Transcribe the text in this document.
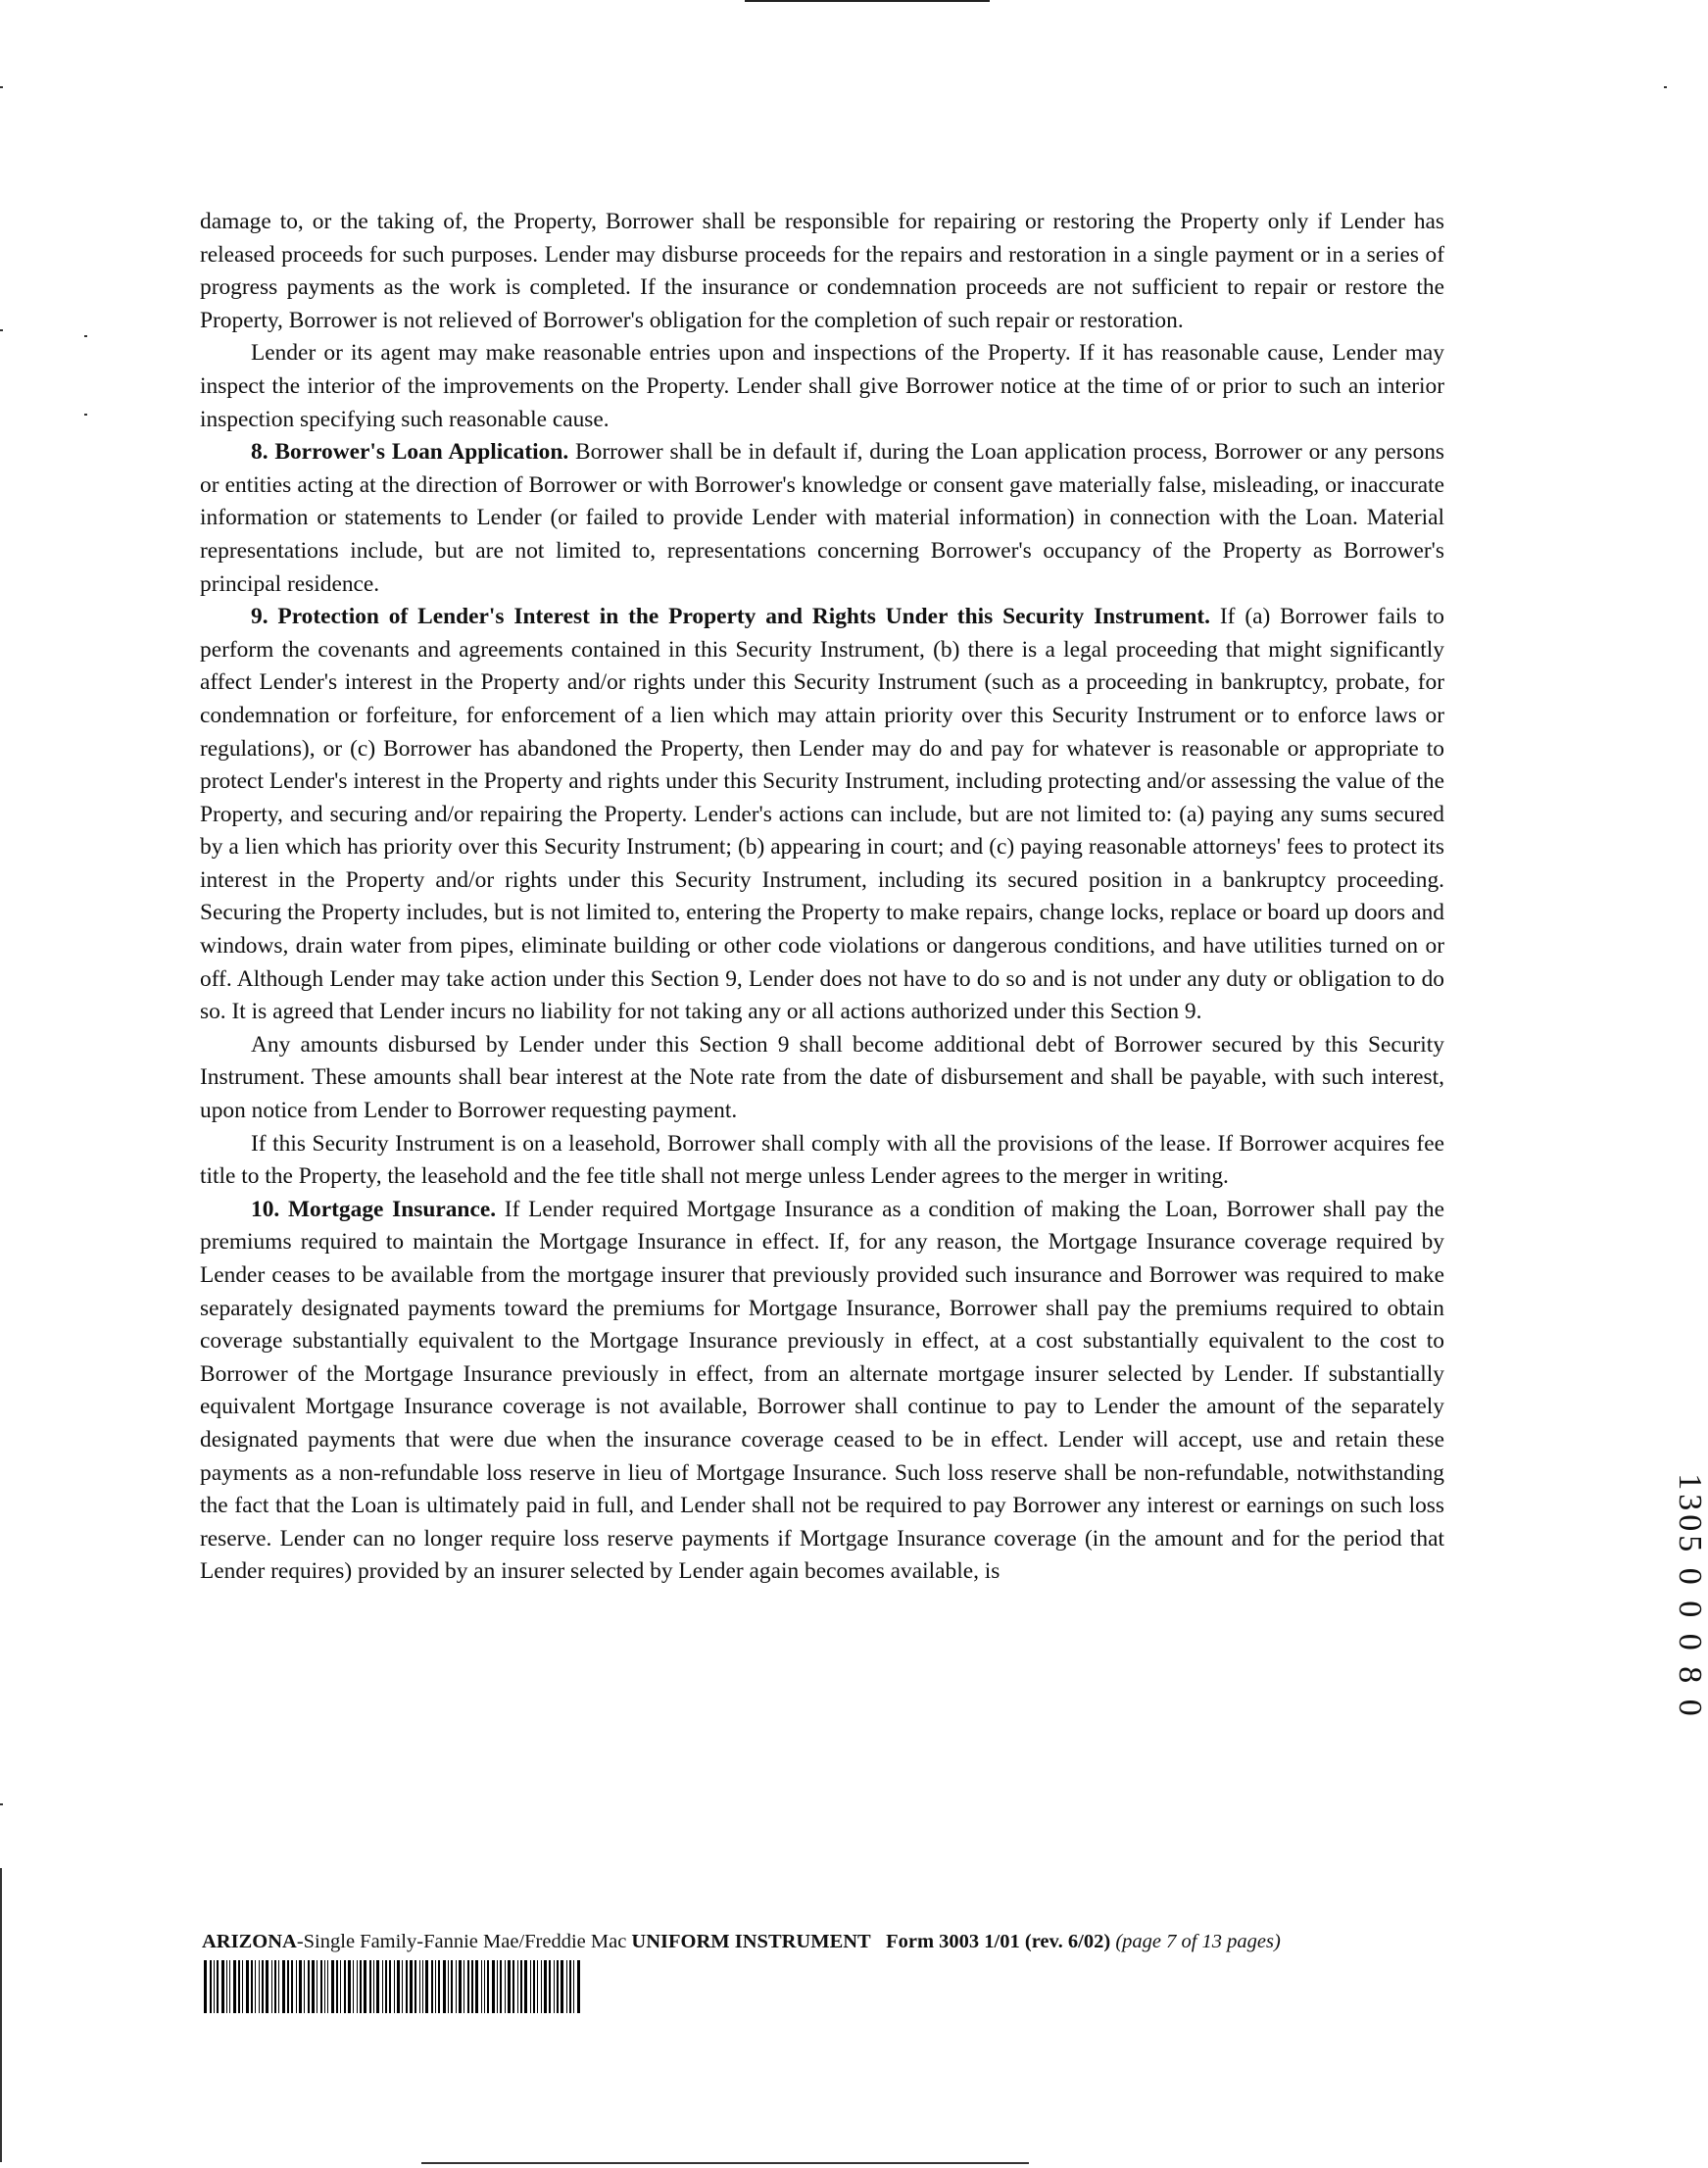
damage to, or the taking of, the Property, Borrower shall be responsible for repairing or restoring the Property only if Lender has released proceeds for such purposes. Lender may disburse proceeds for the repairs and restoration in a single payment or in a series of progress payments as the work is completed. If the insurance or condemnation proceeds are not sufficient to repair or restore the Property, Borrower is not relieved of Borrower's obligation for the completion of such repair or restoration.

Lender or its agent may make reasonable entries upon and inspections of the Property. If it has reasonable cause, Lender may inspect the interior of the improvements on the Property. Lender shall give Borrower notice at the time of or prior to such an interior inspection specifying such reasonable cause.

8. Borrower's Loan Application. Borrower shall be in default if, during the Loan application process, Borrower or any persons or entities acting at the direction of Borrower or with Borrower's knowledge or consent gave materially false, misleading, or inaccurate information or statements to Lender (or failed to provide Lender with material information) in connection with the Loan. Material representations include, but are not limited to, representations concerning Borrower's occupancy of the Property as Borrower's principal residence.

9. Protection of Lender's Interest in the Property and Rights Under this Security Instrument. If (a) Borrower fails to perform the covenants and agreements contained in this Security Instrument, (b) there is a legal proceeding that might significantly affect Lender's interest in the Property and/or rights under this Security Instrument (such as a proceeding in bankruptcy, probate, for condemnation or forfeiture, for enforcement of a lien which may attain priority over this Security Instrument or to enforce laws or regulations), or (c) Borrower has abandoned the Property, then Lender may do and pay for whatever is reasonable or appropriate to protect Lender's interest in the Property and rights under this Security Instrument, including protecting and/or assessing the value of the Property, and securing and/or repairing the Property. Lender's actions can include, but are not limited to: (a) paying any sums secured by a lien which has priority over this Security Instrument; (b) appearing in court; and (c) paying reasonable attorneys' fees to protect its interest in the Property and/or rights under this Security Instrument, including its secured position in a bankruptcy proceeding. Securing the Property includes, but is not limited to, entering the Property to make repairs, change locks, replace or board up doors and windows, drain water from pipes, eliminate building or other code violations or dangerous conditions, and have utilities turned on or off. Although Lender may take action under this Section 9, Lender does not have to do so and is not under any duty or obligation to do so. It is agreed that Lender incurs no liability for not taking any or all actions authorized under this Section 9.

Any amounts disbursed by Lender under this Section 9 shall become additional debt of Borrower secured by this Security Instrument. These amounts shall bear interest at the Note rate from the date of disbursement and shall be payable, with such interest, upon notice from Lender to Borrower requesting payment.

If this Security Instrument is on a leasehold, Borrower shall comply with all the provisions of the lease. If Borrower acquires fee title to the Property, the leasehold and the fee title shall not merge unless Lender agrees to the merger in writing.

10. Mortgage Insurance. If Lender required Mortgage Insurance as a condition of making the Loan, Borrower shall pay the premiums required to maintain the Mortgage Insurance in effect. If, for any reason, the Mortgage Insurance coverage required by Lender ceases to be available from the mortgage insurer that previously provided such insurance and Borrower was required to make separately designated payments toward the premiums for Mortgage Insurance, Borrower shall pay the premiums required to obtain coverage substantially equivalent to the Mortgage Insurance previously in effect, at a cost substantially equivalent to the cost to Borrower of the Mortgage Insurance previously in effect, from an alternate mortgage insurer selected by Lender. If substantially equivalent Mortgage Insurance coverage is not available, Borrower shall continue to pay to Lender the amount of the separately designated payments that were due when the insurance coverage ceased to be in effect. Lender will accept, use and retain these payments as a non-refundable loss reserve in lieu of Mortgage Insurance. Such loss reserve shall be non-refundable, notwithstanding the fact that the Loan is ultimately paid in full, and Lender shall not be required to pay Borrower any interest or earnings on such loss reserve. Lender can no longer require loss reserve payments if Mortgage Insurance coverage (in the amount and for the period that Lender requires) provided by an insurer selected by Lender again becomes available, is

ARIZONA-Single Family-Fannie Mae/Freddie Mac UNIFORM INSTRUMENT Form 3003 1/01 (rev. 6/02) (page 7 of 13 pages)
1305 0 0 0 8 0
